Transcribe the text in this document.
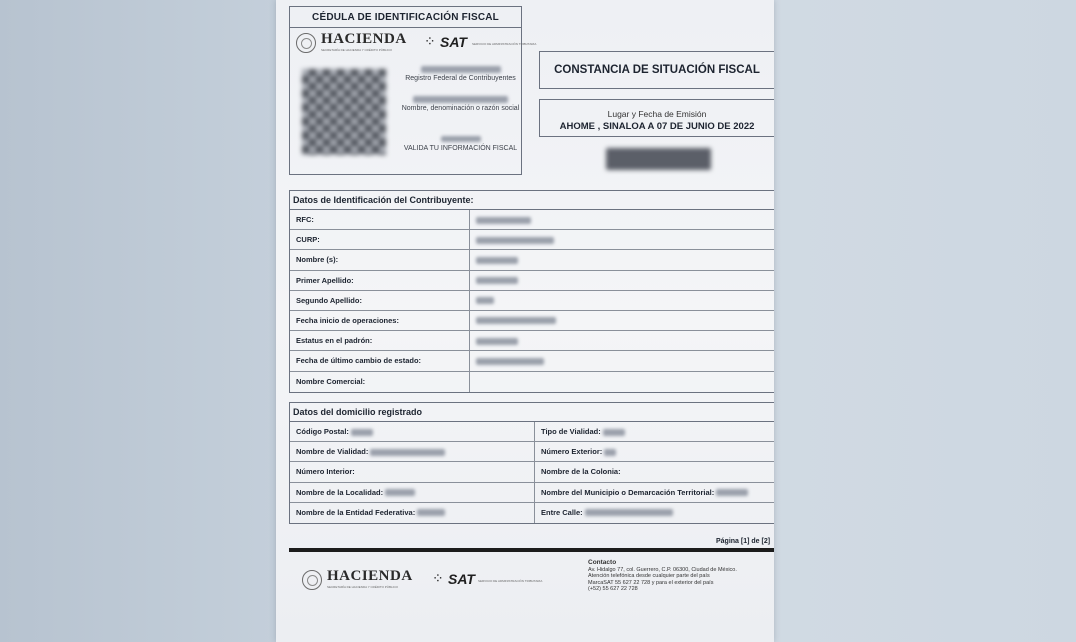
CÉDULA DE IDENTIFICACIÓN FISCAL
HACIENDA
SECRETARÍA DE HACIENDA Y CRÉDITO PÚBLICO
⁘ SAT SERVICIO DE ADMINISTRACIÓN TRIBUTARIA

Registro Federal de Contribuyentes

Nombre, denominación o razón social

VALIDA TU INFORMACIÓN FISCAL
CONSTANCIA DE SITUACIÓN FISCAL
Lugar y Fecha de Emisión
AHOME , SINALOA A 07 DE JUNIO DE 2022
Datos de Identificación del Contribuyente:
RFC:
CURP:
Nombre (s):
Primer Apellido:
Segundo Apellido:
Fecha inicio de operaciones:
Estatus en el padrón:
Fecha de último cambio de estado:
Nombre Comercial:
Datos del domicilio registrado
Código Postal:	Tipo de Vialidad:
Nombre de Vialidad:	Número Exterior:
Número Interior:	Nombre de la Colonia:
Nombre de la Localidad:	Nombre del Municipio o Demarcación Territorial:
Nombre de la Entidad Federativa:	Entre Calle:
Página [1] de [2]
HACIENDA
SECRETARÍA DE HACIENDA Y CRÉDITO PÚBLICO
⁘ SAT SERVICIO DE ADMINISTRACIÓN TRIBUTARIA
Contacto
Av. Hidalgo 77, col. Guerrero, C.P. 06300, Ciudad de México.
Atención telefónica desde cualquier parte del país
MarcaSAT 55 627 22 728 y para el exterior del país
(+52) 55 627 22 728
